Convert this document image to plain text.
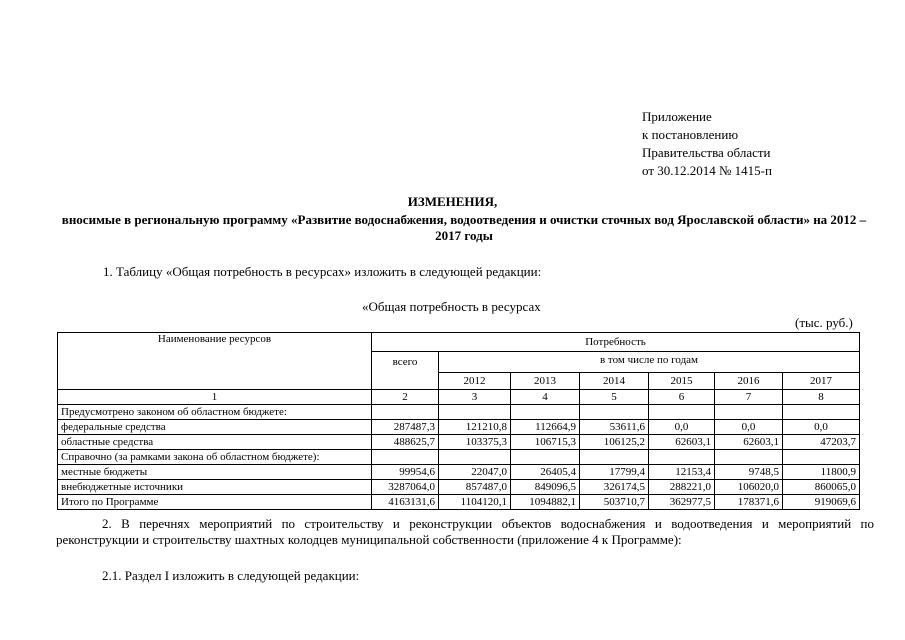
Приложение
к постановлению
Правительства области
от 30.12.2014 № 1415-п
ИЗМЕНЕНИЯ,
вносимые в региональную программу «Развитие водоснабжения, водоотведения и очистки сточных вод Ярославской области» на 2012 – 2017 годы
1. Таблицу «Общая потребность в ресурсах» изложить в следующей редакции:
«Общая потребность в ресурсах
(тыс. руб.)
Наименование ресурсов	Потребность						
	всего	в том числе по годам					
		2012	2013	2014	2015	2016	2017
1	2	3	4	5	6	7	8
Предусмотрено законом об областном бюджете:							
федеральные средства	287487,3	121210,8	112664,9	53611,6	0,0	0,0	0,0
областные средства	488625,7	103375,3	106715,3	106125,2	62603,1	62603,1	47203,7
Справочно (за рамками закона об областном бюджете):							
местные бюджеты	99954,6	22047,0	26405,4	17799,4	12153,4	9748,5	11800,9
внебюджетные источники	3287064,0	857487,0	849096,5	326174,5	288221,0	106020,0	860065,0
Итого по Программе	4163131,6	1104120,1	1094882,1	503710,7	362977,5	178371,6	919069,6
2. В перечнях мероприятий по строительству и реконструкции объектов водоснабжения и водоотведения и мероприятий по реконструкции и строительству шахтных колодцев муниципальной собственности (приложение 4 к Программе):
2.1. Раздел I изложить в следующей редакции:
